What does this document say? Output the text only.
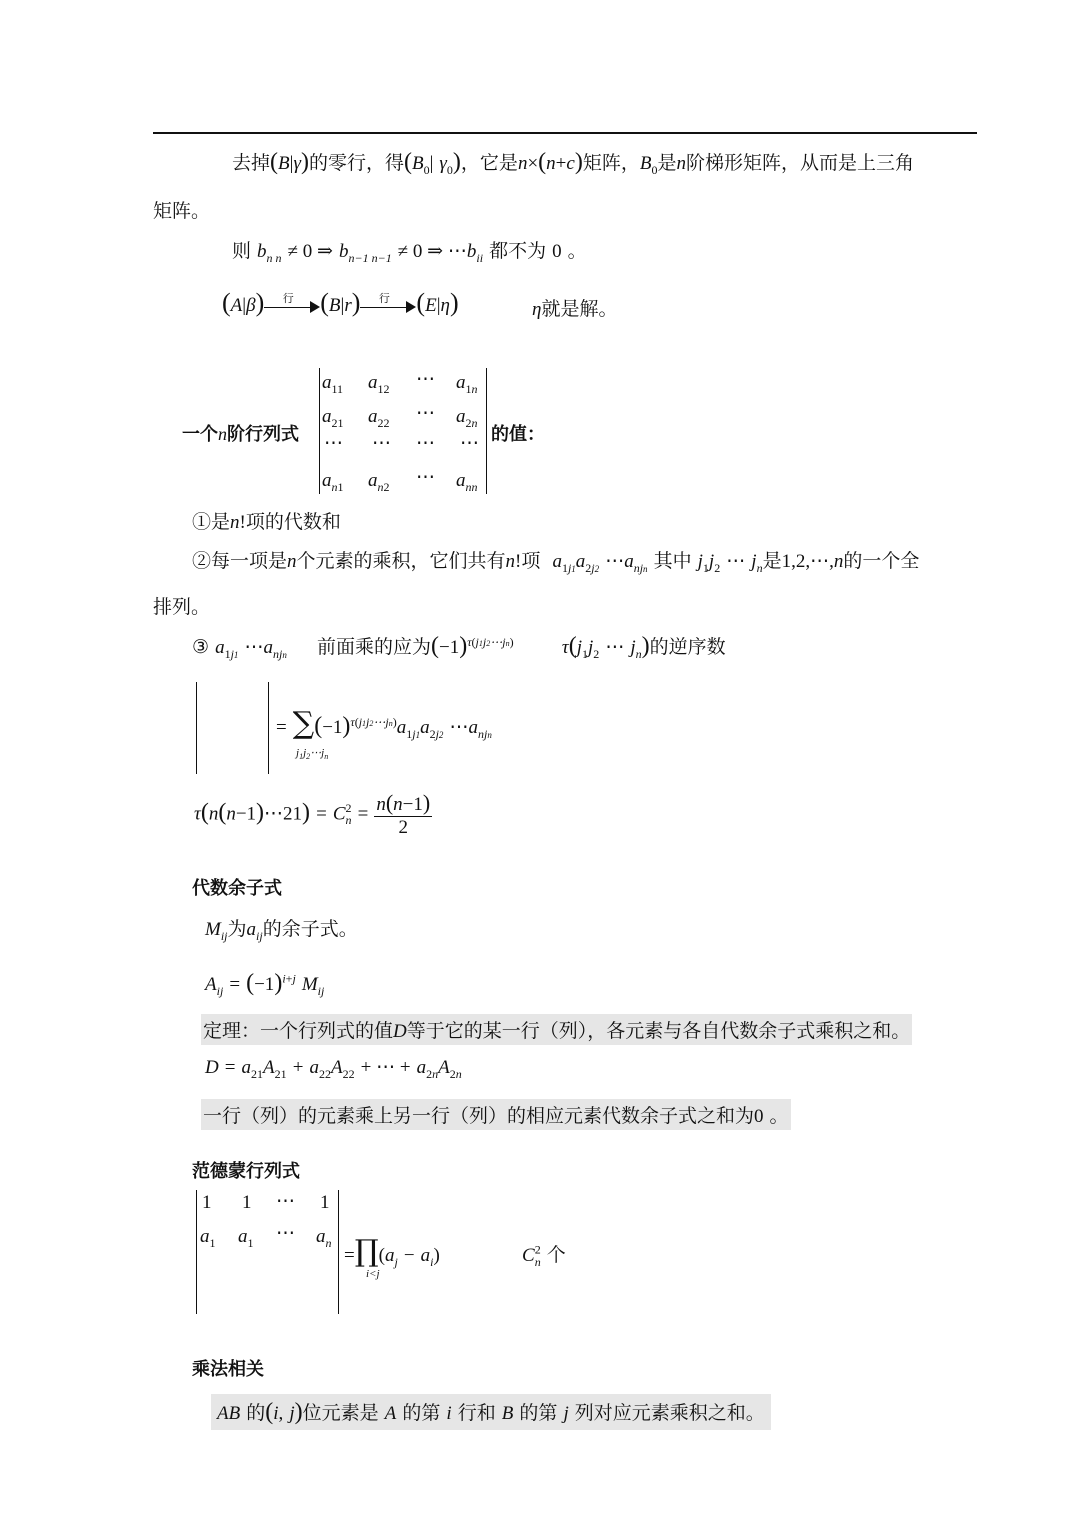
去掉(B|γ)的零行，得($B_0|$ $\gamma_0$)，它是n×(n+c)矩阵，$B_0$是n阶梯形矩阵，从而是上三角
矩阵。
则 $b_{n n} \ne 0$ ⇒ $b_{n-1 n-1} \ne 0$ ⇒ $\cdots b_{ii}$ 都不为 0 。
(A|β)	行	(B|r)	行	(E|η)	η就是解。
一个n阶行列式
$a_{11}$ $a_{12}$ ⋯ $a_{1n}$
$a_{21}$ $a_{22}$ ⋯ $a_{2n}$
⋯ ⋯ ⋯ ⋯
$a_{n1}$ $a_{n2}$ ⋯ $a_{nn}$
的值：
①是n!项的代数和
②每一项是n个元素的乘积，它们共有n!项  $a_{1j1}a_{2j2}$ $\cdots a_{njn}$ 其中 $j_1j_2$ ⋯ $j_n$是1,2,⋯,n的一个全
排列。
③ $a_{1j1}$ $\cdots a_{njn}$     前面乘的应为$(-1)^{\tau(j1j2\cdots jn)}$	$\tau(j_1j_2$ ⋯ $j_n$)的逆序数
= $\sum(-1)^{\tau(j1j2\cdots jn)}a_{1j1}a_{2j2}$ $\cdots a_{njn}$
$j_1j_2\cdots j_n$
τ(n(n−1)⋯21) = $C^2_n = \frac{n(n-1)}{2}$
代数余子式
$M_{ij}$为$a_{ij}$的余子式。
$A_{ij} = (-1)^{i+j}$ $M_{ij}$
定理：一个行列式的值D等于它的某一行（列），各元素与各自代数余子式乘积之和。
$D = a_{21}A_{21} + a_{22}A_{22}$ + ⋯ + $a_{2n}A_{2n}$
一行（列）的元素乘上另一行（列）的相应元素代数余子式之和为0 。
范德蒙行列式
1 1 ⋯ 1
$a_1$ $a_1$ ⋯ $a_n$
$=\prod(a_j - a_i)$
i<j
$C^2_n$ 个
乘法相关
AB 的(i, j)位元素是 A 的第 i 行和 B 的第 j 列对应元素乘积之和。
